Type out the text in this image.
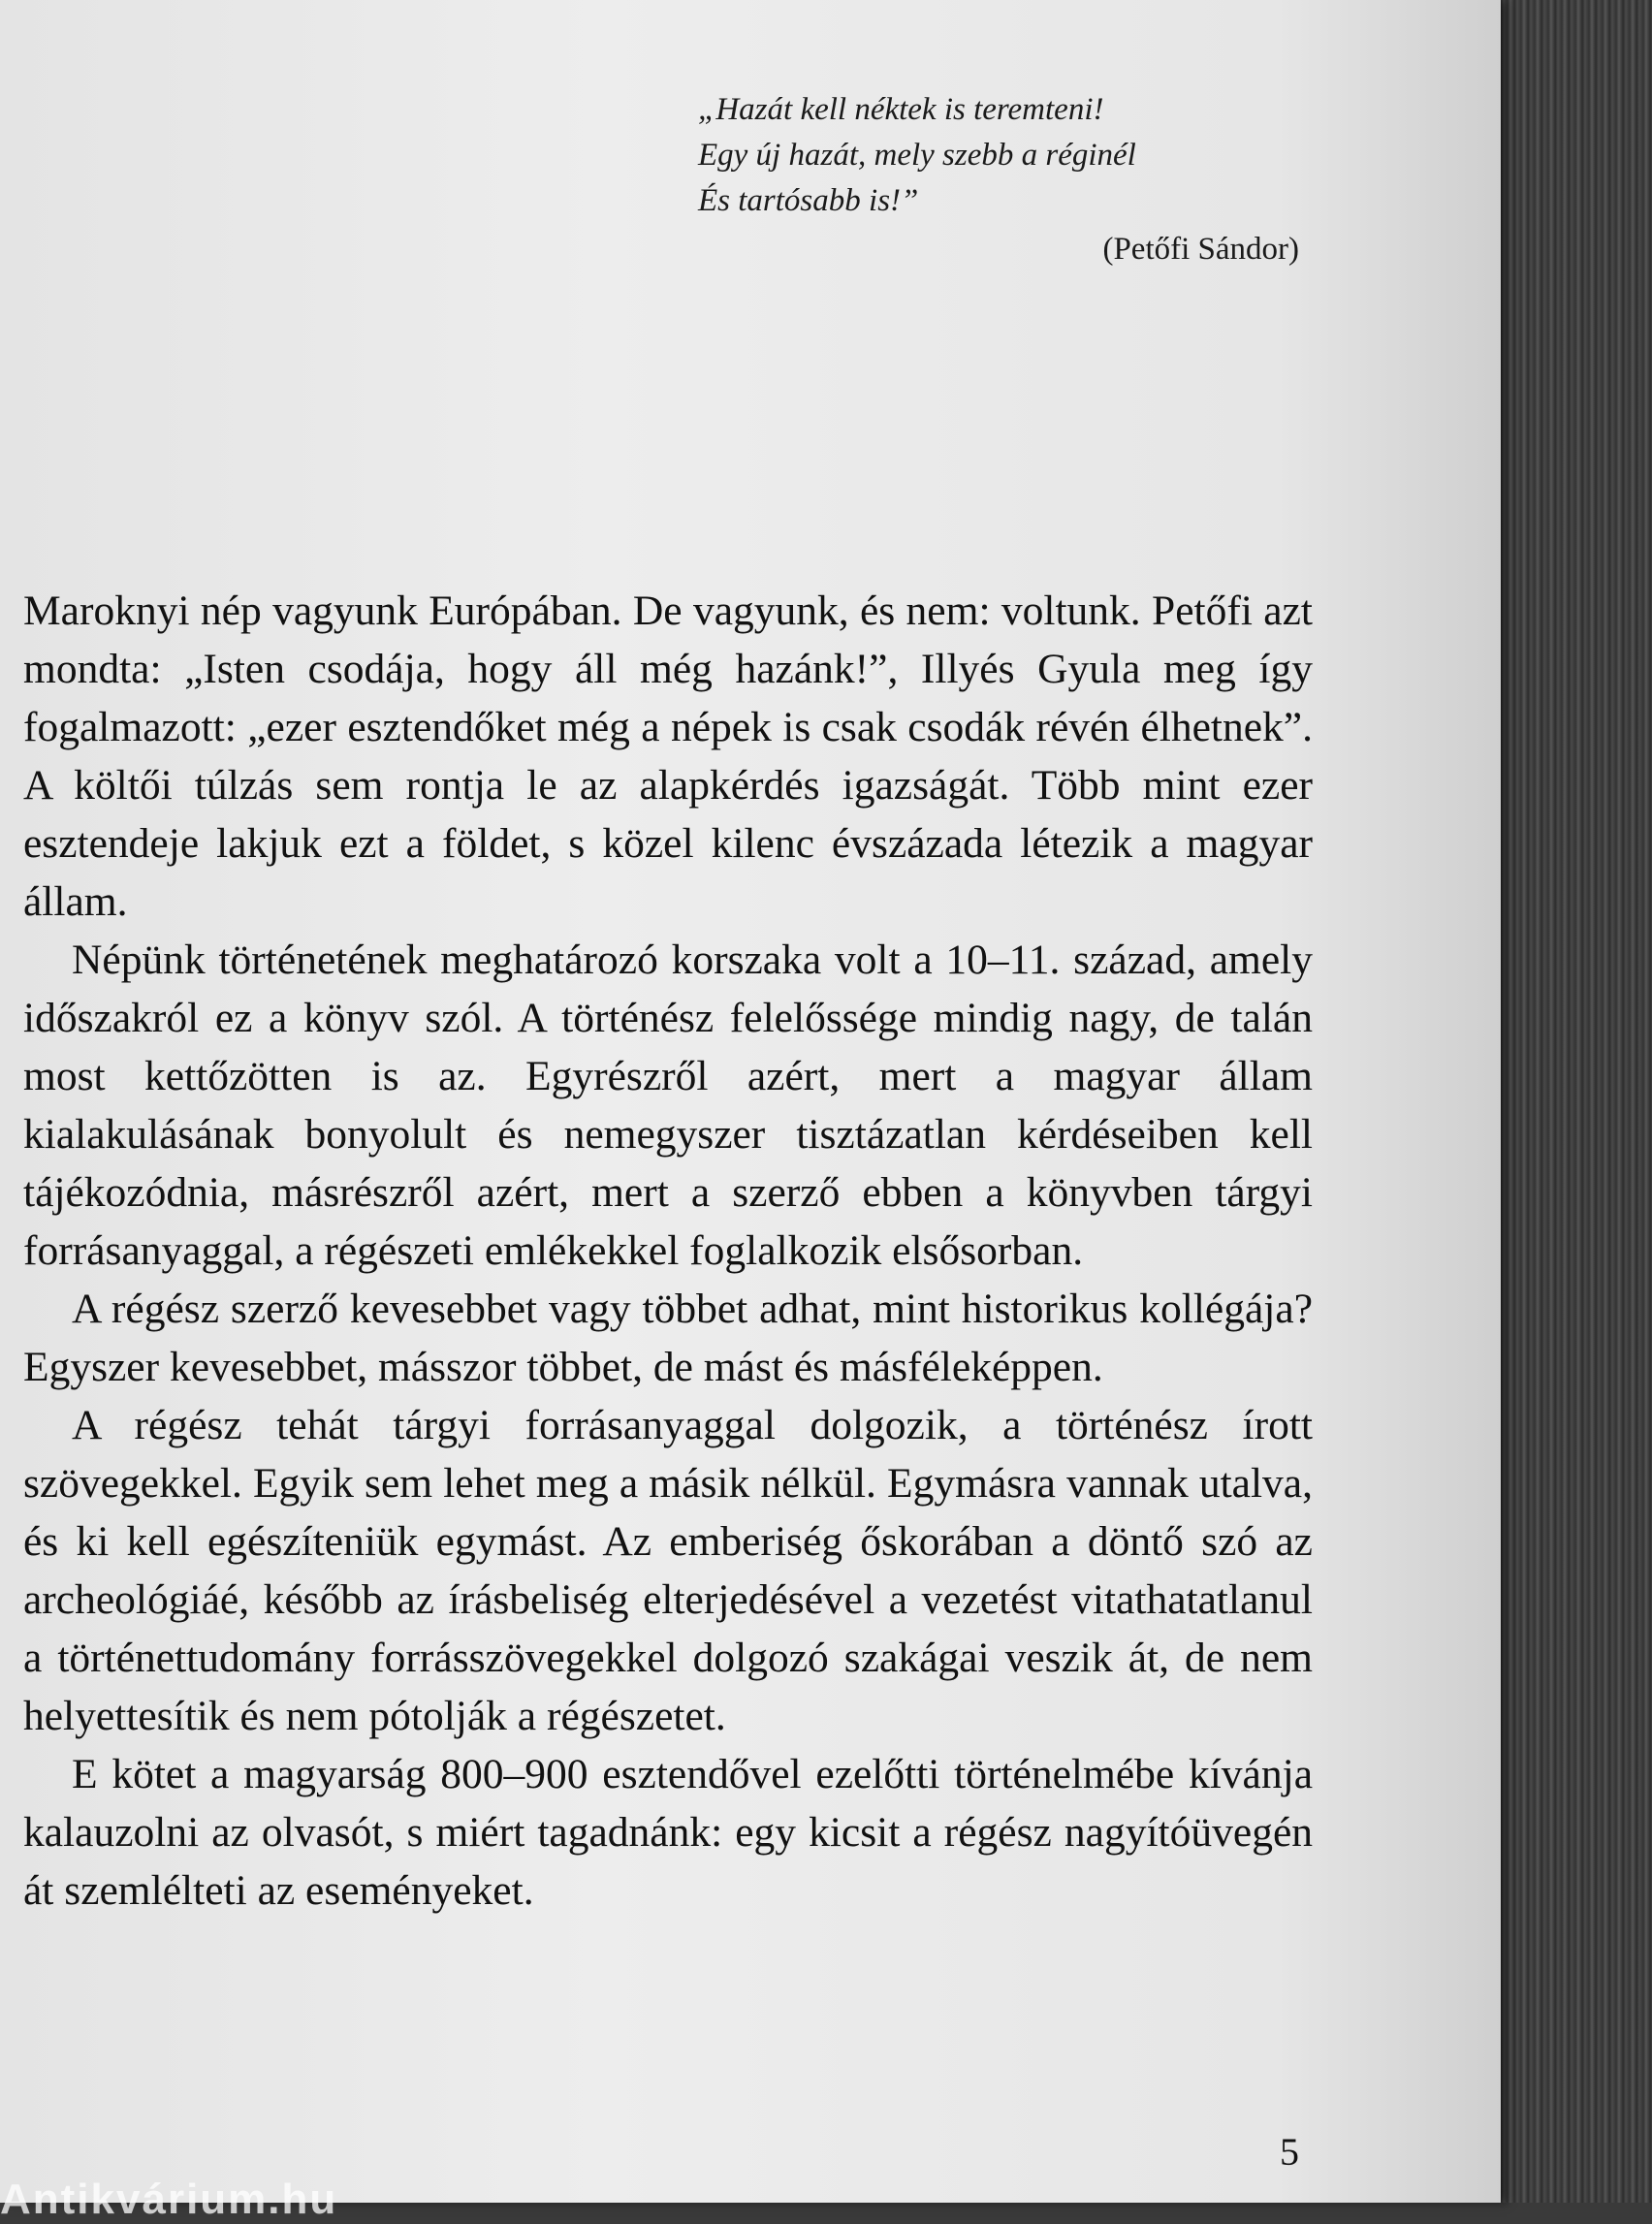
„Hazát kell néktek is teremteni!
Egy új hazát, mely szebb a réginél
És tartósabb is!”
(Petőfi Sándor)

Maroknyi nép vagyunk Európában. De vagyunk, és nem: voltunk. Petőfi azt mondta: „Isten csodája, hogy áll még hazánk!”, Illyés Gyula meg így fogalmazott: „ezer esztendőket még a népek is csak csodák révén élhetnek”. A költői túlzás sem rontja le az alapkérdés igazságát. Több mint ezer esztendeje lakjuk ezt a földet, s közel kilenc évszázada létezik a magyar állam.

Népünk történetének meghatározó korszaka volt a 10–11. század, amely időszakról ez a könyv szól. A történész felelőssége mindig nagy, de talán most kettőzötten is az. Egyrészről azért, mert a magyar állam kialakulásának bonyolult és nemegyszer tisztázatlan kérdéseiben kell tájékozódnia, másrészről azért, mert a szerző ebben a könyvben tárgyi forrásanyaggal, a régészeti emlékekkel foglalkozik elsősorban.

A régész szerző kevesebbet vagy többet adhat, mint historikus kollégája? Egyszer kevesebbet, másszor többet, de mást és másféleképpen.

A régész tehát tárgyi forrásanyaggal dolgozik, a történész írott szövegekkel. Egyik sem lehet meg a másik nélkül. Egymásra vannak utalva, és ki kell egészíteniük egymást. Az emberiség őskorában a döntő szó az archeológiáé, később az írásbeliség elterjedésével a vezetést vitathatatlanul a történettudomány forrásszövegekkel dolgozó szakágai veszik át, de nem helyettesítik és nem pótolják a régészetet.

E kötet a magyarság 800–900 esztendővel ezelőtti történelmébe kívánja kalauzolni az olvasót, s miért tagadnánk: egy kicsit a régész nagyítóüvegén át szemlélteti az eseményeket.

5
Antikvárium.hu
